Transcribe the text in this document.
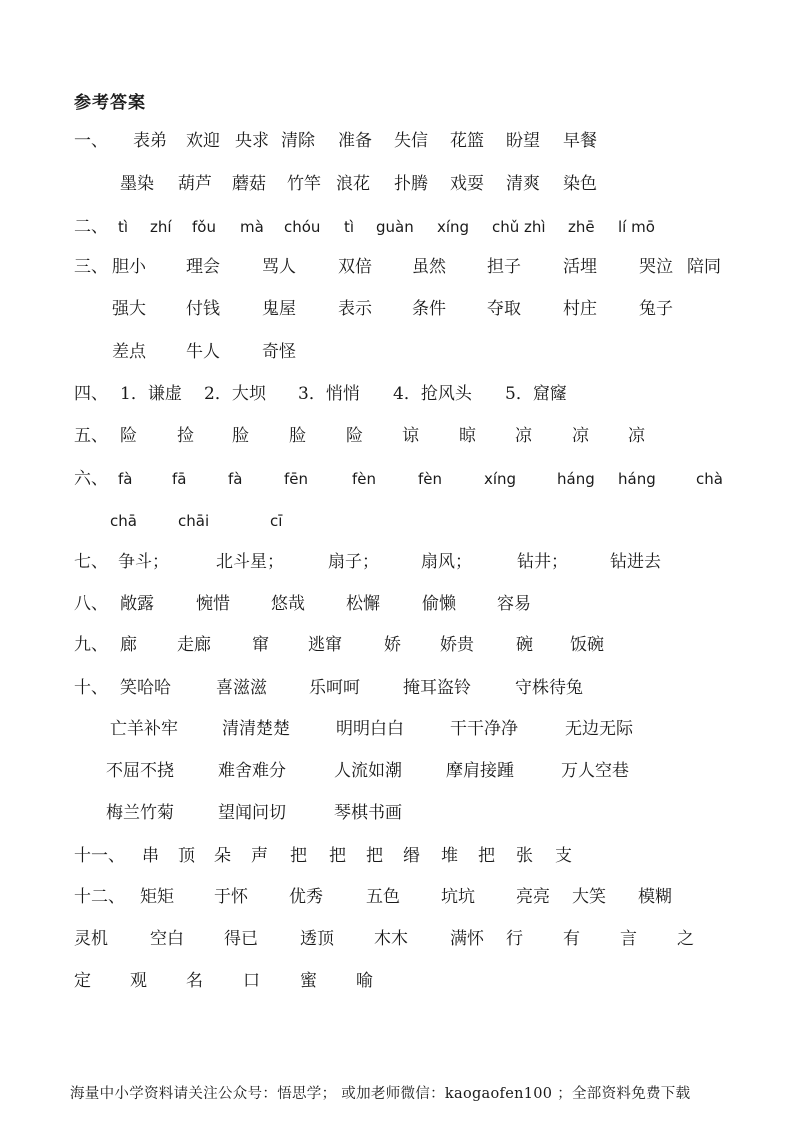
参考答案
一、 表弟 欢迎 央求 清除 准备 失信 花篮 盼望 早餐
墨染 葫芦 蘑菇 竹竿 浪花 扑腾 戏耍 清爽 染色
二、 tì zhí fǒu mà chóu tì guàn xíng chǔ zhì zhē lí mō
三、 胆小 理会 骂人 双倍 虽然 担子 活埋 哭泣 陪同
强大 付钱 鬼屋 表示 条件 夺取 村庄 兔子
差点 牛人 奇怪
四、 1．谦虚 2．大坝 3．悄悄 4．抢风头 5．窟窿
五、 险 捡 脸 脸 险 谅 晾 凉 凉 凉
六、 fà	fā	fà	fēn	fèn	fèn	xíng	háng háng	chà
chā	chāi	cī
七、 争斗；	北斗星；	扇子； 扇风；	钻井； 钻进去
八、 敞露 惋惜 悠哉 松懈 偷懒 容易
九、 廊 走廊 窜 逃窜 娇 娇贵 碗 饭碗
十、 笑哈哈	喜滋滋 乐呵呵	掩耳盗铃	守株待兔
亡羊补牢	清清楚楚	明明白白	干干净净	无边无际
不屈不挠	难舍难分	人流如潮	摩肩接踵	万人空巷
梅兰竹菊	望闻问切	琴棋书画
十一、 串 顶 朵 声 把 把 把 缗 堆 把 张 支
十二、 矩矩 于怀 优秀	五色 坑坑 亮亮 大笑 模糊
灵机 空白 得已 透顶 木木 满怀 行 有 言 之
定 观 名 口 蜜 喻
海量中小学资料请关注公众号：悟思学； 或加老师微信：kaogaofen100 ；全部资料免费下载
